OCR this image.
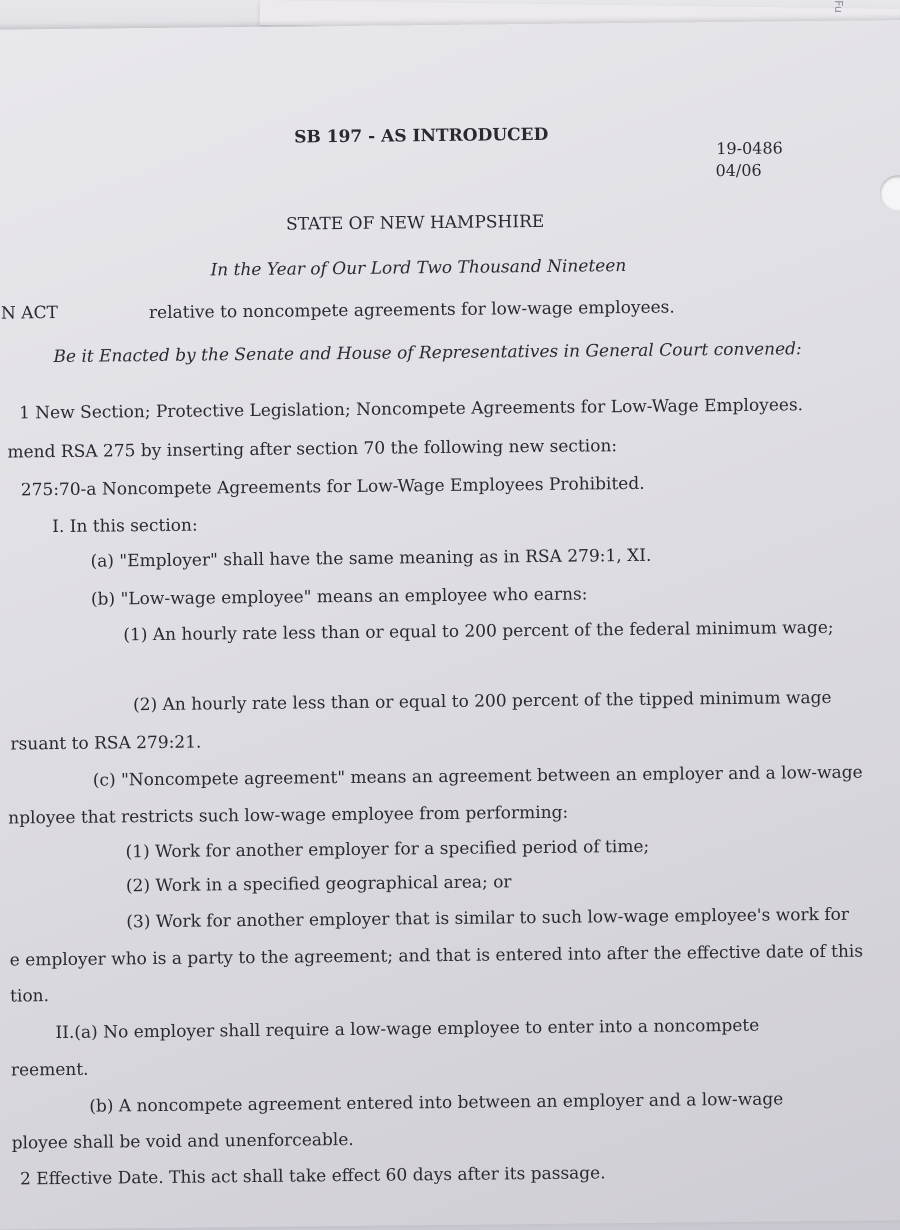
Fu
SB 197 - AS INTRODUCED
19-0486
04/06
STATE OF NEW HAMPSHIRE
In the Year of Our Lord Two Thousand Nineteen
N ACT	relative to noncompete agreements for low-wage employees.
Be it Enacted by the Senate and House of Representatives in General Court convened:
1 New Section; Protective Legislation; Noncompete Agreements for Low-Wage Employees.
mend RSA 275 by inserting after section 70 the following new section:
275:70-a Noncompete Agreements for Low-Wage Employees Prohibited.
I. In this section:
(a) "Employer" shall have the same meaning as in RSA 279:1, XI.
(b) "Low-wage employee" means an employee who earns:
(1) An hourly rate less than or equal to 200 percent of the federal minimum wage;
(2) An hourly rate less than or equal to 200 percent of the tipped minimum wage
rsuant to RSA 279:21.
(c) "Noncompete agreement" means an agreement between an employer and a low-wage
nployee that restricts such low-wage employee from performing:
(1) Work for another employer for a specified period of time;
(2) Work in a specified geographical area; or
(3) Work for another employer that is similar to such low-wage employee's work for
e employer who is a party to the agreement; and that is entered into after the effective date of this
tion.
II.(a) No employer shall require a low-wage employee to enter into a noncompete
reement.
(b) A noncompete agreement entered into between an employer and a low-wage
ployee shall be void and unenforceable.
2 Effective Date. This act shall take effect 60 days after its passage.
